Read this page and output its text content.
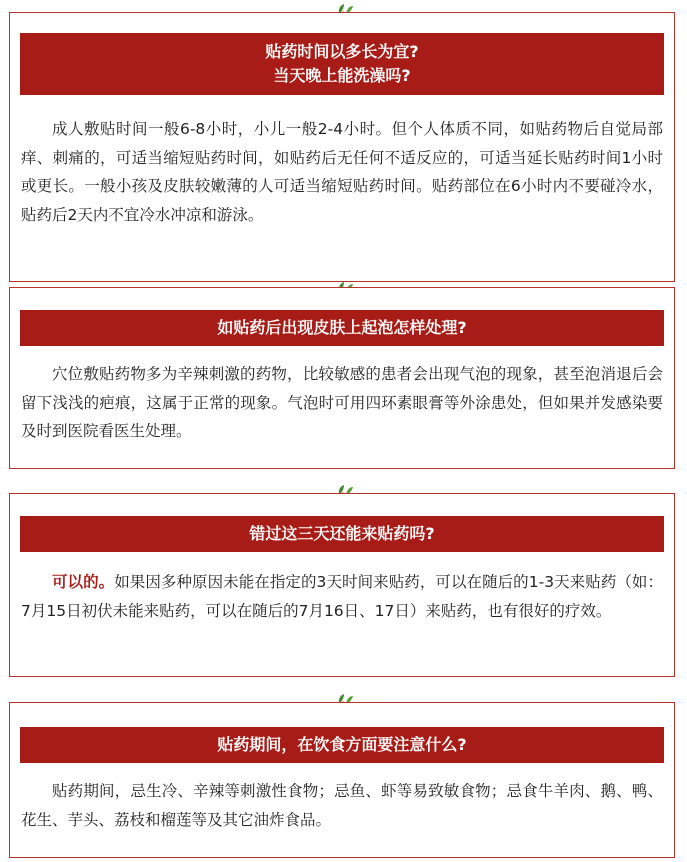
贴药时间以多长为宜?
当天晚上能洗澡吗?

成人敷贴时间一般6-8小时，小儿一般2-4小时。但个人体质不同，如贴药物后自觉局部痒、刺痛的，可适当缩短贴药时间，如贴药后无任何不适反应的，可适当延长贴药时间1小时或更长。一般小孩及皮肤较嫩薄的人可适当缩短贴药时间。贴药部位在6小时内不要碰冷水，贴药后2天内不宜冷水冲凉和游泳。

如贴药后出现皮肤上起泡怎样处理?

穴位敷贴药物多为辛辣刺激的药物，比较敏感的患者会出现气泡的现象，甚至泡消退后会留下浅浅的疤痕，这属于正常的现象。气泡时可用四环素眼膏等外涂患处，但如果并发感染要及时到医院看医生处理。

错过这三天还能来贴药吗?

可以的。如果因多种原因未能在指定的3天时间来贴药，可以在随后的1-3天来贴药（如：7月15日初伏未能来贴药，可以在随后的7月16日、17日）来贴药，也有很好的疗效。

贴药期间，在饮食方面要注意什么?

贴药期间，忌生冷、辛辣等刺激性食物；忌鱼、虾等易致敏食物；忌食牛羊肉、鹅、鸭、花生、芋头、荔枝和榴莲等及其它油炸食品。
